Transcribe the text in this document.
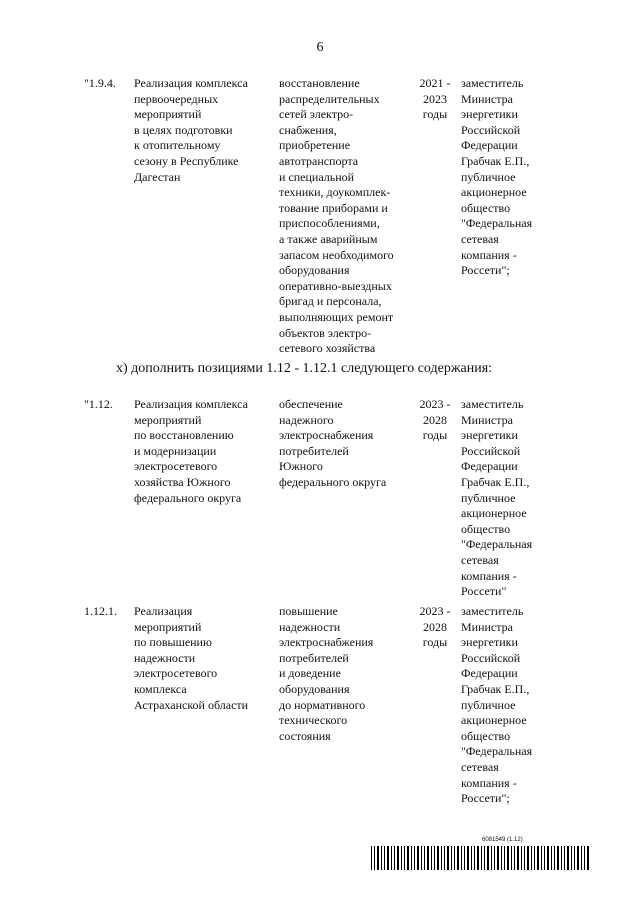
6
"1.9.4. Реализация комплекса
первоочередных
мероприятий
в целях подготовки
к отопительному
сезону в Республике
Дагестан
восстановление
распределительных
сетей электро-
снабжения,
приобретение
автотранспорта
и специальной
техники, доукомплек-
тование приборами и
приспособлениями,
а также аварийным
запасом необходимого
оборудования
оперативно-выездных
бригад и персонала,
выполняющих ремонт
объектов электро-
сетевого хозяйства
2021 -
2023
годы
заместитель
Министра
энергетики
Российской
Федерации
Грабчак Е.П.,
публичное
акционерное
общество
"Федеральная
сетевая
компания -
Россети";
х) дополнить позициями 1.12 - 1.12.1 следующего содержания:
"1.12. Реализация комплекса
мероприятий
по восстановлению
и модернизации
электросетевого
хозяйства Южного
федерального округа
обеспечение
надежного
электроснабжения
потребителей
Южного
федерального округа
2023 -
2028
годы
заместитель
Министра
энергетики
Российской
Федерации
Грабчак Е.П.,
публичное
акционерное
общество
"Федеральная
сетевая
компания -
Россети"
1.12.1. Реализация
мероприятий
по повышению
надежности
электросетевого
комплекса
Астраханской области
повышение
надежности
электроснабжения
потребителей
и доведение
оборудования
до нормативного
технического
состояния
2023 -
2028
годы
заместитель
Министра
энергетики
Российской
Федерации
Грабчак Е.П.,
публичное
акционерное
общество
"Федеральная
сетевая
компания -
Россети";
6081549 (1.12)
